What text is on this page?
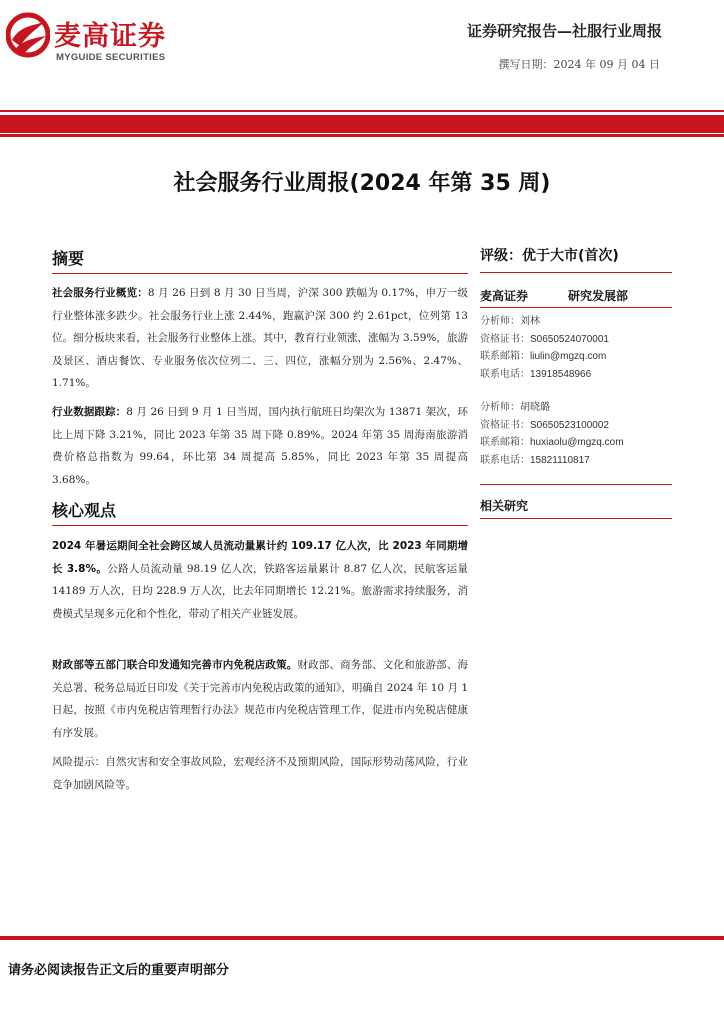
麦高证券
MYGUIDE SECURITIES
证券研究报告—社服行业周报
撰写日期：2024 年 09 月 04 日
社会服务行业周报(2024 年第 35 周)
摘要
社会服务行业概览：8 月 26 日到 8 月 30 日当周，沪深 300 跌幅为 0.17%，申万一级行业整体涨多跌少。社会服务行业上涨 2.44%，跑赢沪深 300 约 2.61pct，位列第 13 位。细分板块来看，社会服务行业整体上涨。其中，教育行业领涨，涨幅为 3.59%，旅游及景区、酒店餐饮、专业服务依次位列二、三、四位，涨幅分别为 2.56%、2.47%、1.71%。
行业数据跟踪：8 月 26 日到 9 月 1 日当周，国内执行航班日均架次为 13871 架次，环比上周下降 3.21%，同比 2023 年第 35 周下降 0.89%。2024 年第 35 周海南旅游消费价格总指数为 99.64，环比第 34 周提高 5.85%，同比 2023 年第 35 周提高 3.68%。
核心观点
2024 年暑运期间全社会跨区域人员流动量累计约 109.17 亿人次，比 2023 年同期增长 3.8%。公路人员流动量 98.19 亿人次，铁路客运量累计 8.87 亿人次，民航客运量 14189 万人次，日均 228.9 万人次，比去年同期增长 12.21%。旅游需求持续服务，消费模式呈现多元化和个性化，带动了相关产业链发展。
财政部等五部门联合印发通知完善市内免税店政策。财政部、商务部、文化和旅游部、海关总署、税务总局近日印发《关于完善市内免税店政策的通知》，明确自 2024 年 10 月 1 日起，按照《市内免税店管理暂行办法》规范市内免税店管理工作，促进市内免税店健康有序发展。
风险提示：自然灾害和安全事故风险，宏观经济不及预期风险，国际形势动荡风险，行业竞争加剧风险等。
评级：优于大市(首次)
麦高证券	研究发展部
分析师：刘林
资格证书：S0650524070001
联系邮箱：liulin@mgzq.com
联系电话：13918548966
分析师：胡晓璐
资格证书：S0650523100002
联系邮箱：huxiaolu@mgzq.com
联系电话：15821110817
相关研究
请务必阅读报告正文后的重要声明部分
